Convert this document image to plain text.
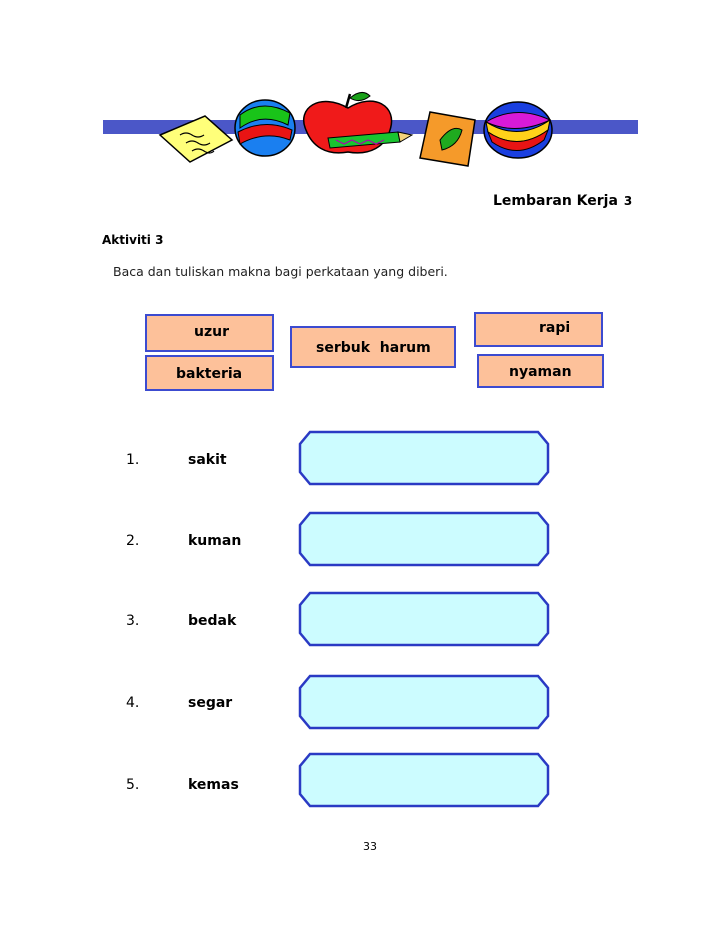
Lembaran Kerja 3
Aktiviti 3
Baca dan tuliskan makna bagi perkataan yang diberi.
uzur
bakteria
serbuk  harum
rapi
nyaman
1.	sakit
2.	kuman
3.	bedak
4.	segar
5.	kemas
33
